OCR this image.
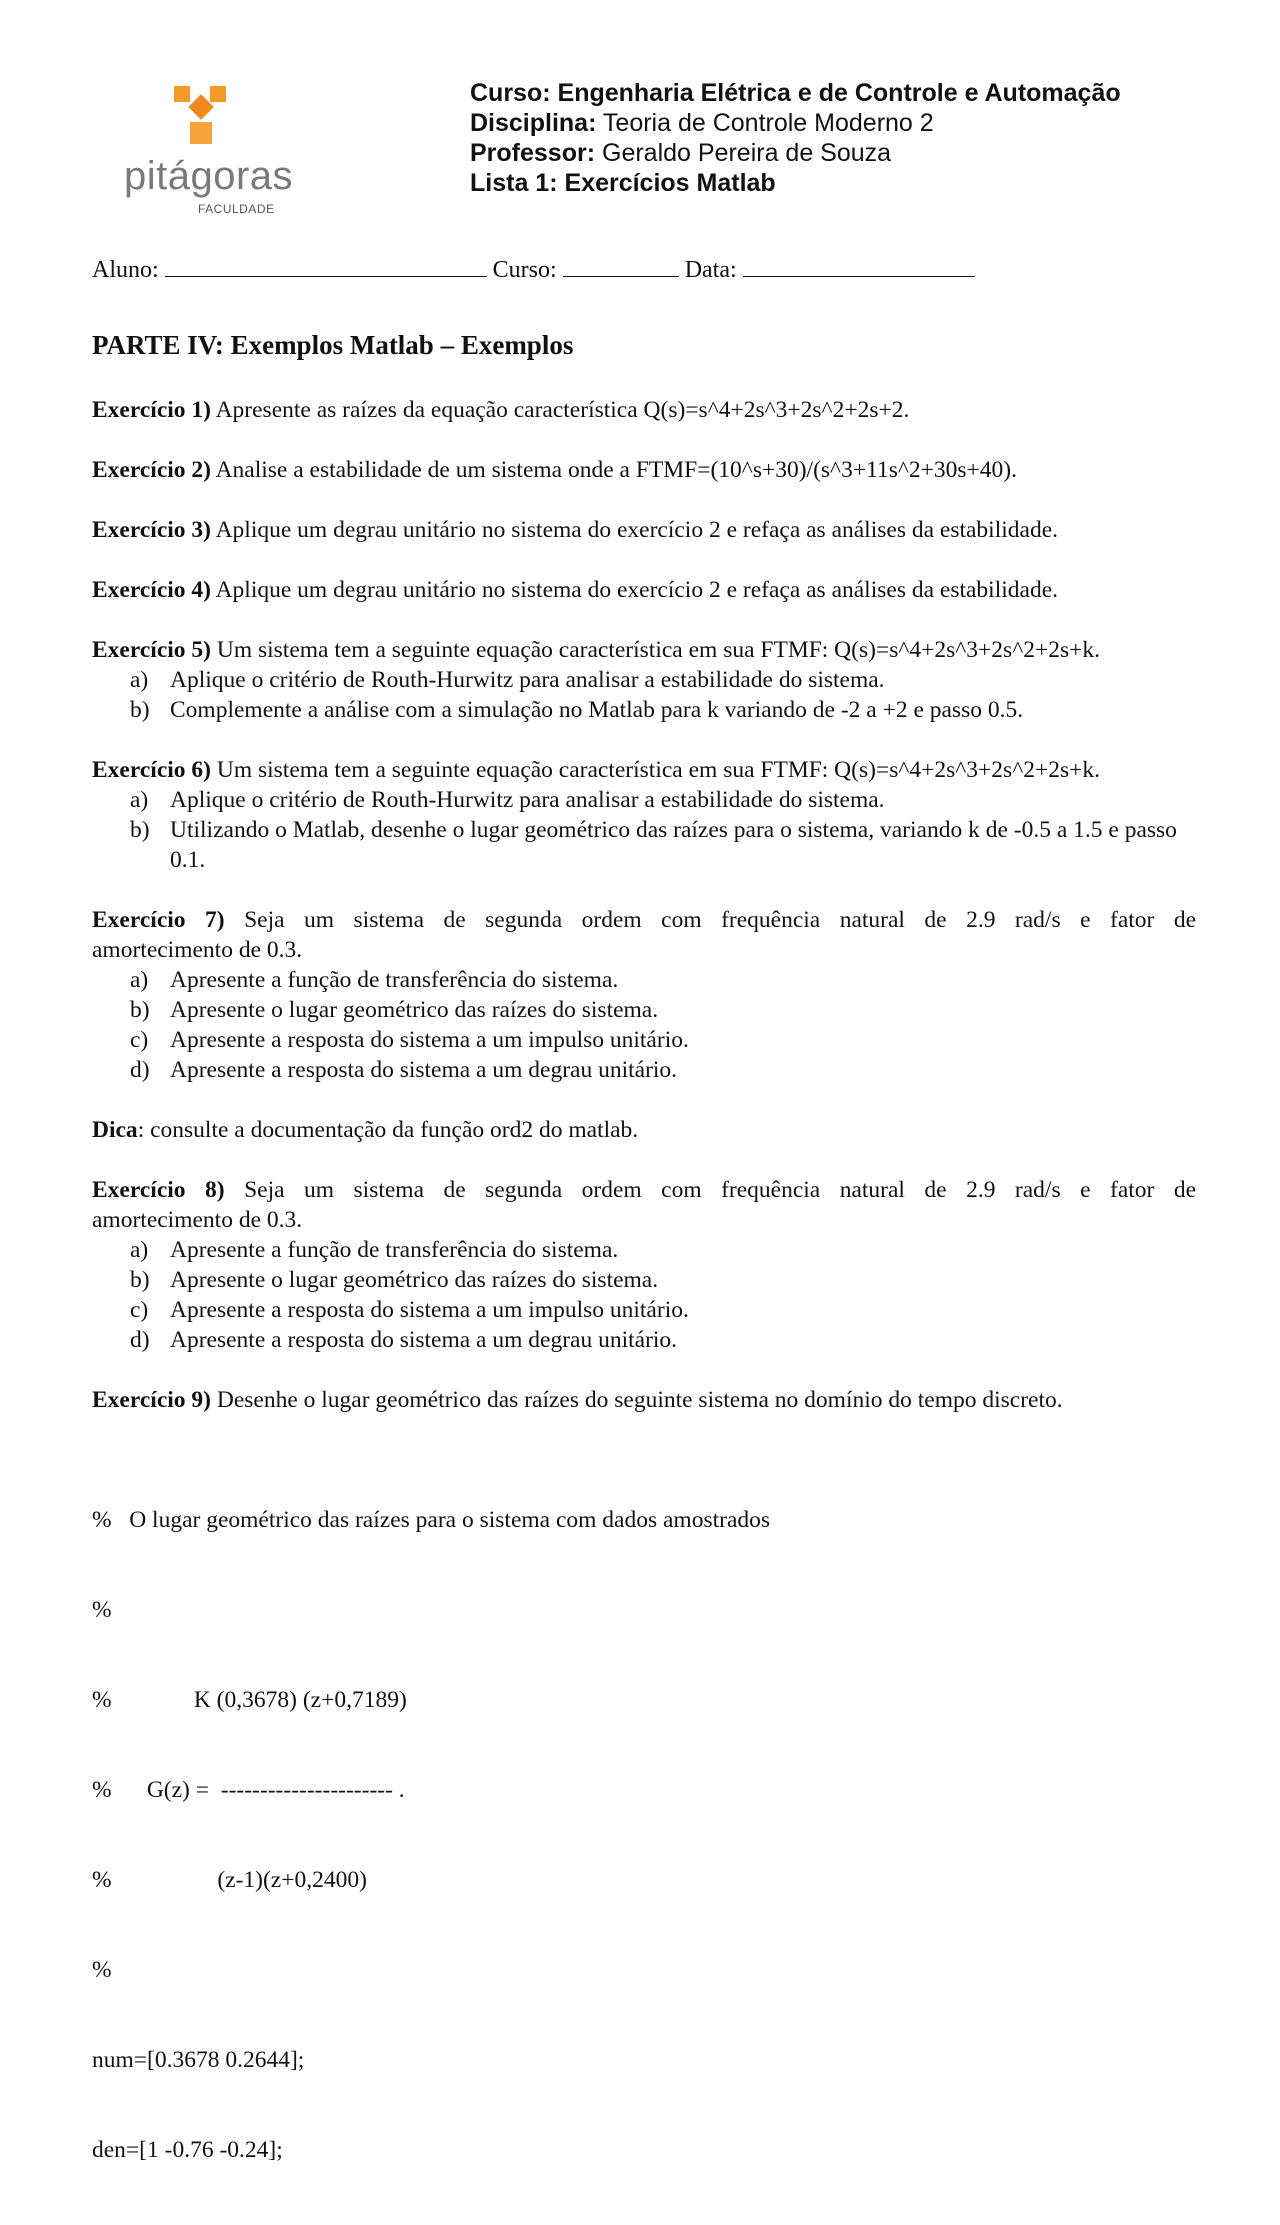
pitágoras
FACULDADE
Curso: Engenharia Elétrica e de Controle e Automação
Disciplina: Teoria de Controle Moderno 2
Professor: Geraldo Pereira de Souza
Lista 1: Exercícios Matlab
Aluno:	Curso:	Data:
PARTE IV: Exemplos Matlab – Exemplos

Exercício 1) Apresente as raízes da equação característica Q(s)=s^4+2s^3+2s^2+2s+2.

Exercício 2) Analise a estabilidade de um sistema onde a FTMF=(10^s+30)/(s^3+11s^2+30s+40).

Exercício 3) Aplique um degrau unitário no sistema do exercício 2 e refaça as análises da estabilidade.

Exercício 4) Aplique um degrau unitário no sistema do exercício 2 e refaça as análises da estabilidade.

Exercício 5) Um sistema tem a seguinte equação característica em sua FTMF: Q(s)=s^4+2s^3+2s^2+2s+k.

a) Aplique o critério de Routh-Hurwitz para analisar a estabilidade do sistema.
b) Complemente a análise com a simulação no Matlab para k variando de -2 a +2 e passo 0.5.

Exercício 6) Um sistema tem a seguinte equação característica em sua FTMF: Q(s)=s^4+2s^3+2s^2+2s+k.

a) Aplique o critério de Routh-Hurwitz para analisar a estabilidade do sistema.
b) Utilizando o Matlab, desenhe o lugar geométrico das raízes para o sistema, variando k de -0.5 a 1.5 e passo 0.1.

Exercício 7) Seja um sistema de segunda ordem com frequência natural de 2.9 rad/s e fator de

amortecimento de 0.3.

a) Apresente a função de transferência do sistema.
b) Apresente o lugar geométrico das raízes do sistema.
c) Apresente a resposta do sistema a um impulso unitário.
d) Apresente a resposta do sistema a um degrau unitário.
Dica: consulte a documentação da função ord2 do matlab.

Exercício 8) Seja um sistema de segunda ordem com frequência natural de 2.9 rad/s e fator de

amortecimento de 0.3.

a) Apresente a função de transferência do sistema.
b) Apresente o lugar geométrico das raízes do sistema.
c) Apresente a resposta do sistema a um impulso unitário.
d) Apresente a resposta do sistema a um degrau unitário.

Exercício 9) Desenhe o lugar geométrico das raízes do seguinte sistema no domínio do tempo discreto.

%   O lugar geométrico das raízes para o sistema com dados amostrados

%

%              K (0,3678) (z+0,7189)

%      G(z) =  ---------------------- .

%                  (z-1)(z+0,2400)

%

num=[0.3678 0.2644];

den=[1 -0.76 -0.24];
